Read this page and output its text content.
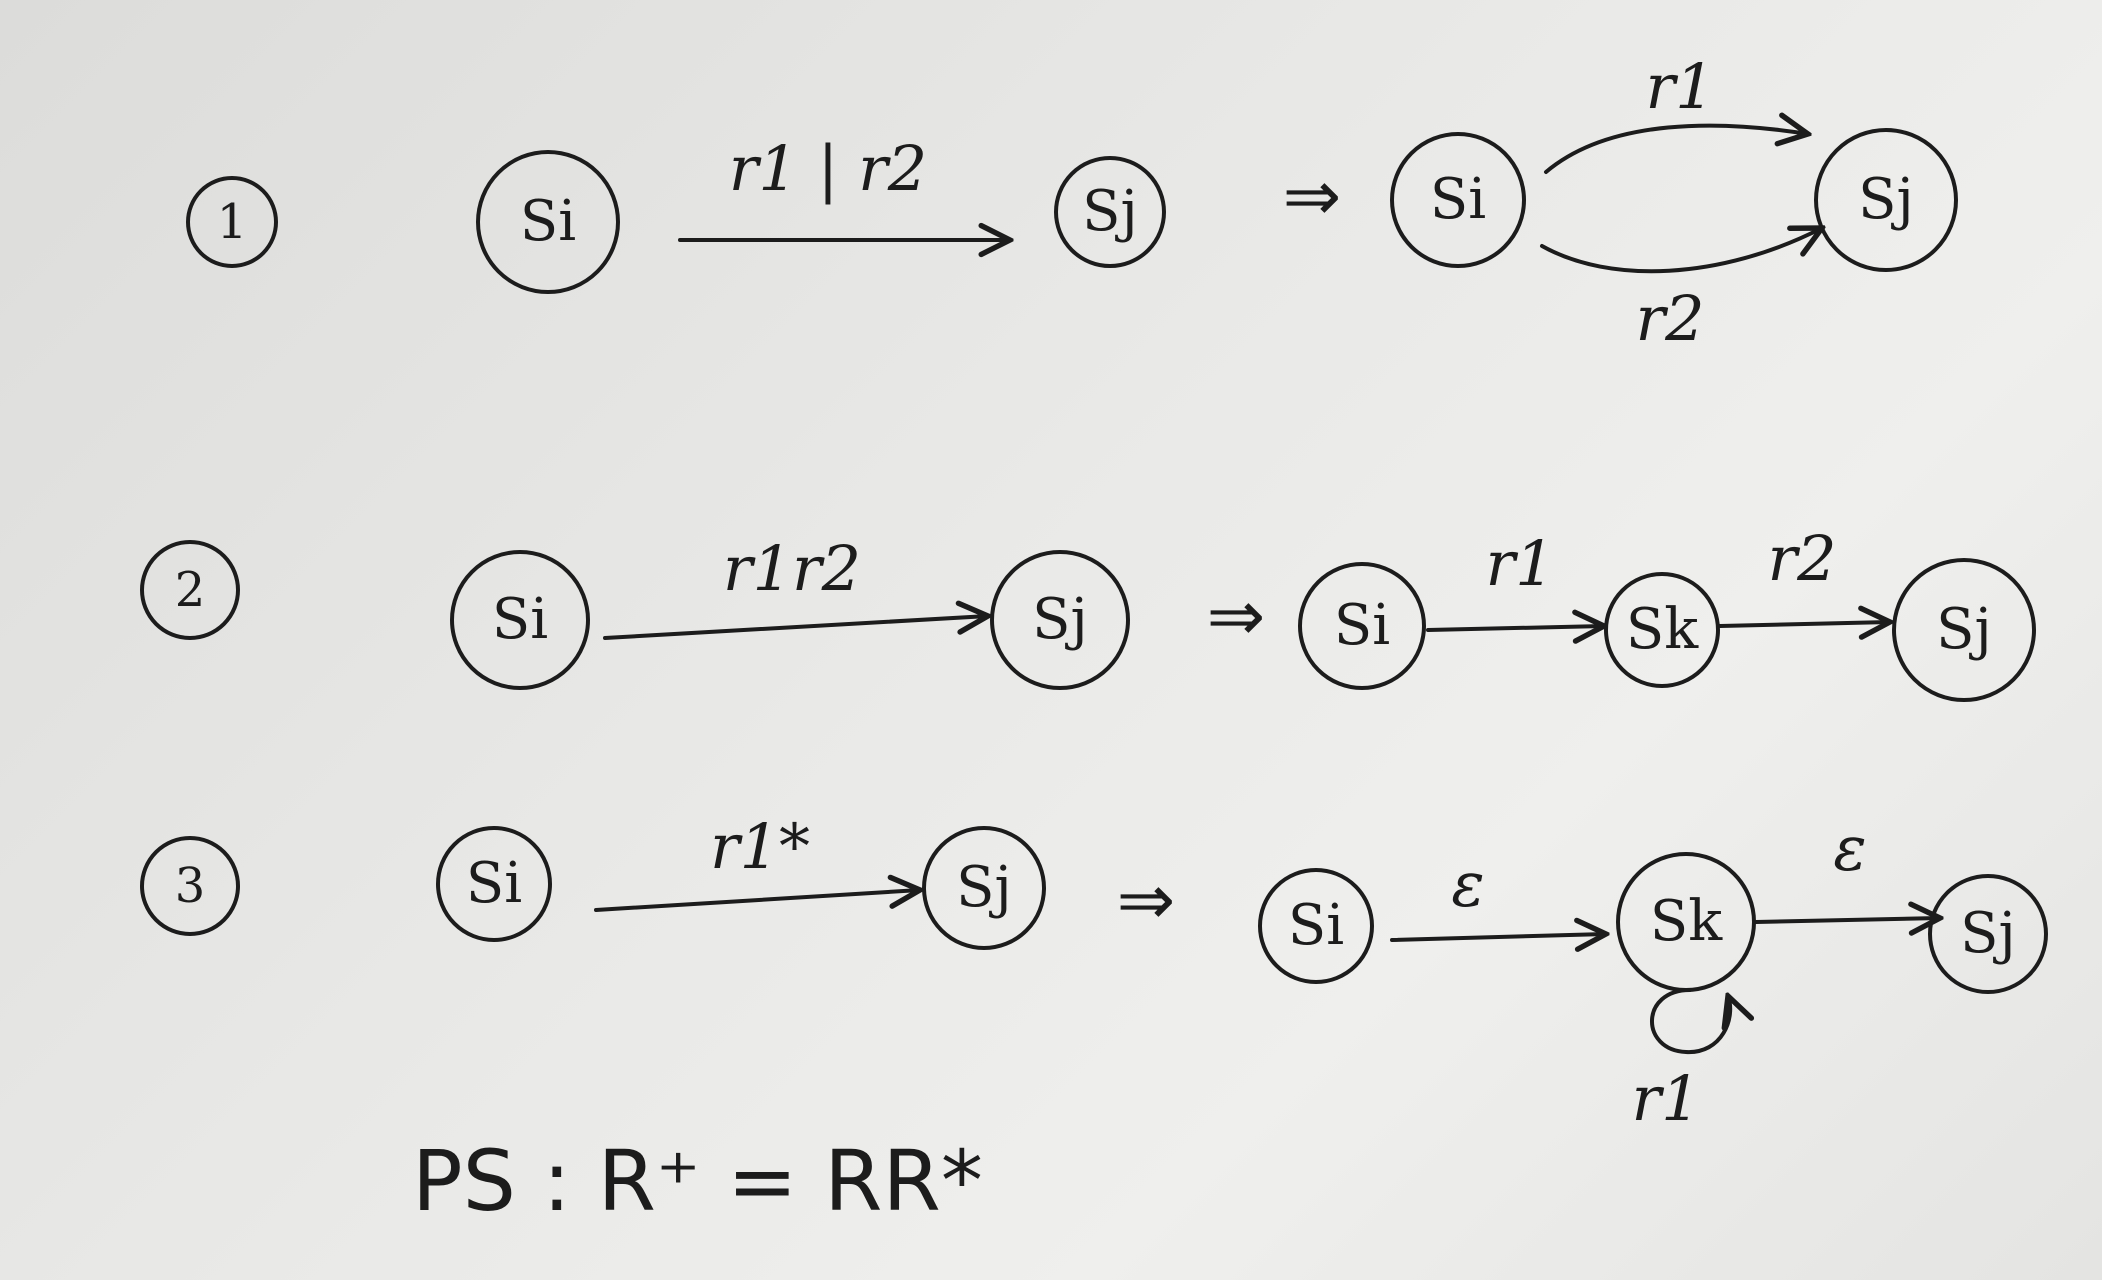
1	Si
r1 | r2
Sj ⇒ Si
r1
r2
Sj
2	Si
r1r2
Sj ⇒ Si
r1
Sk
r2
Sj
3	Si
r1*
Sj ⇒ Si
ε
Sk
r1
ε
Sj
PS : R⁺ = RR*
